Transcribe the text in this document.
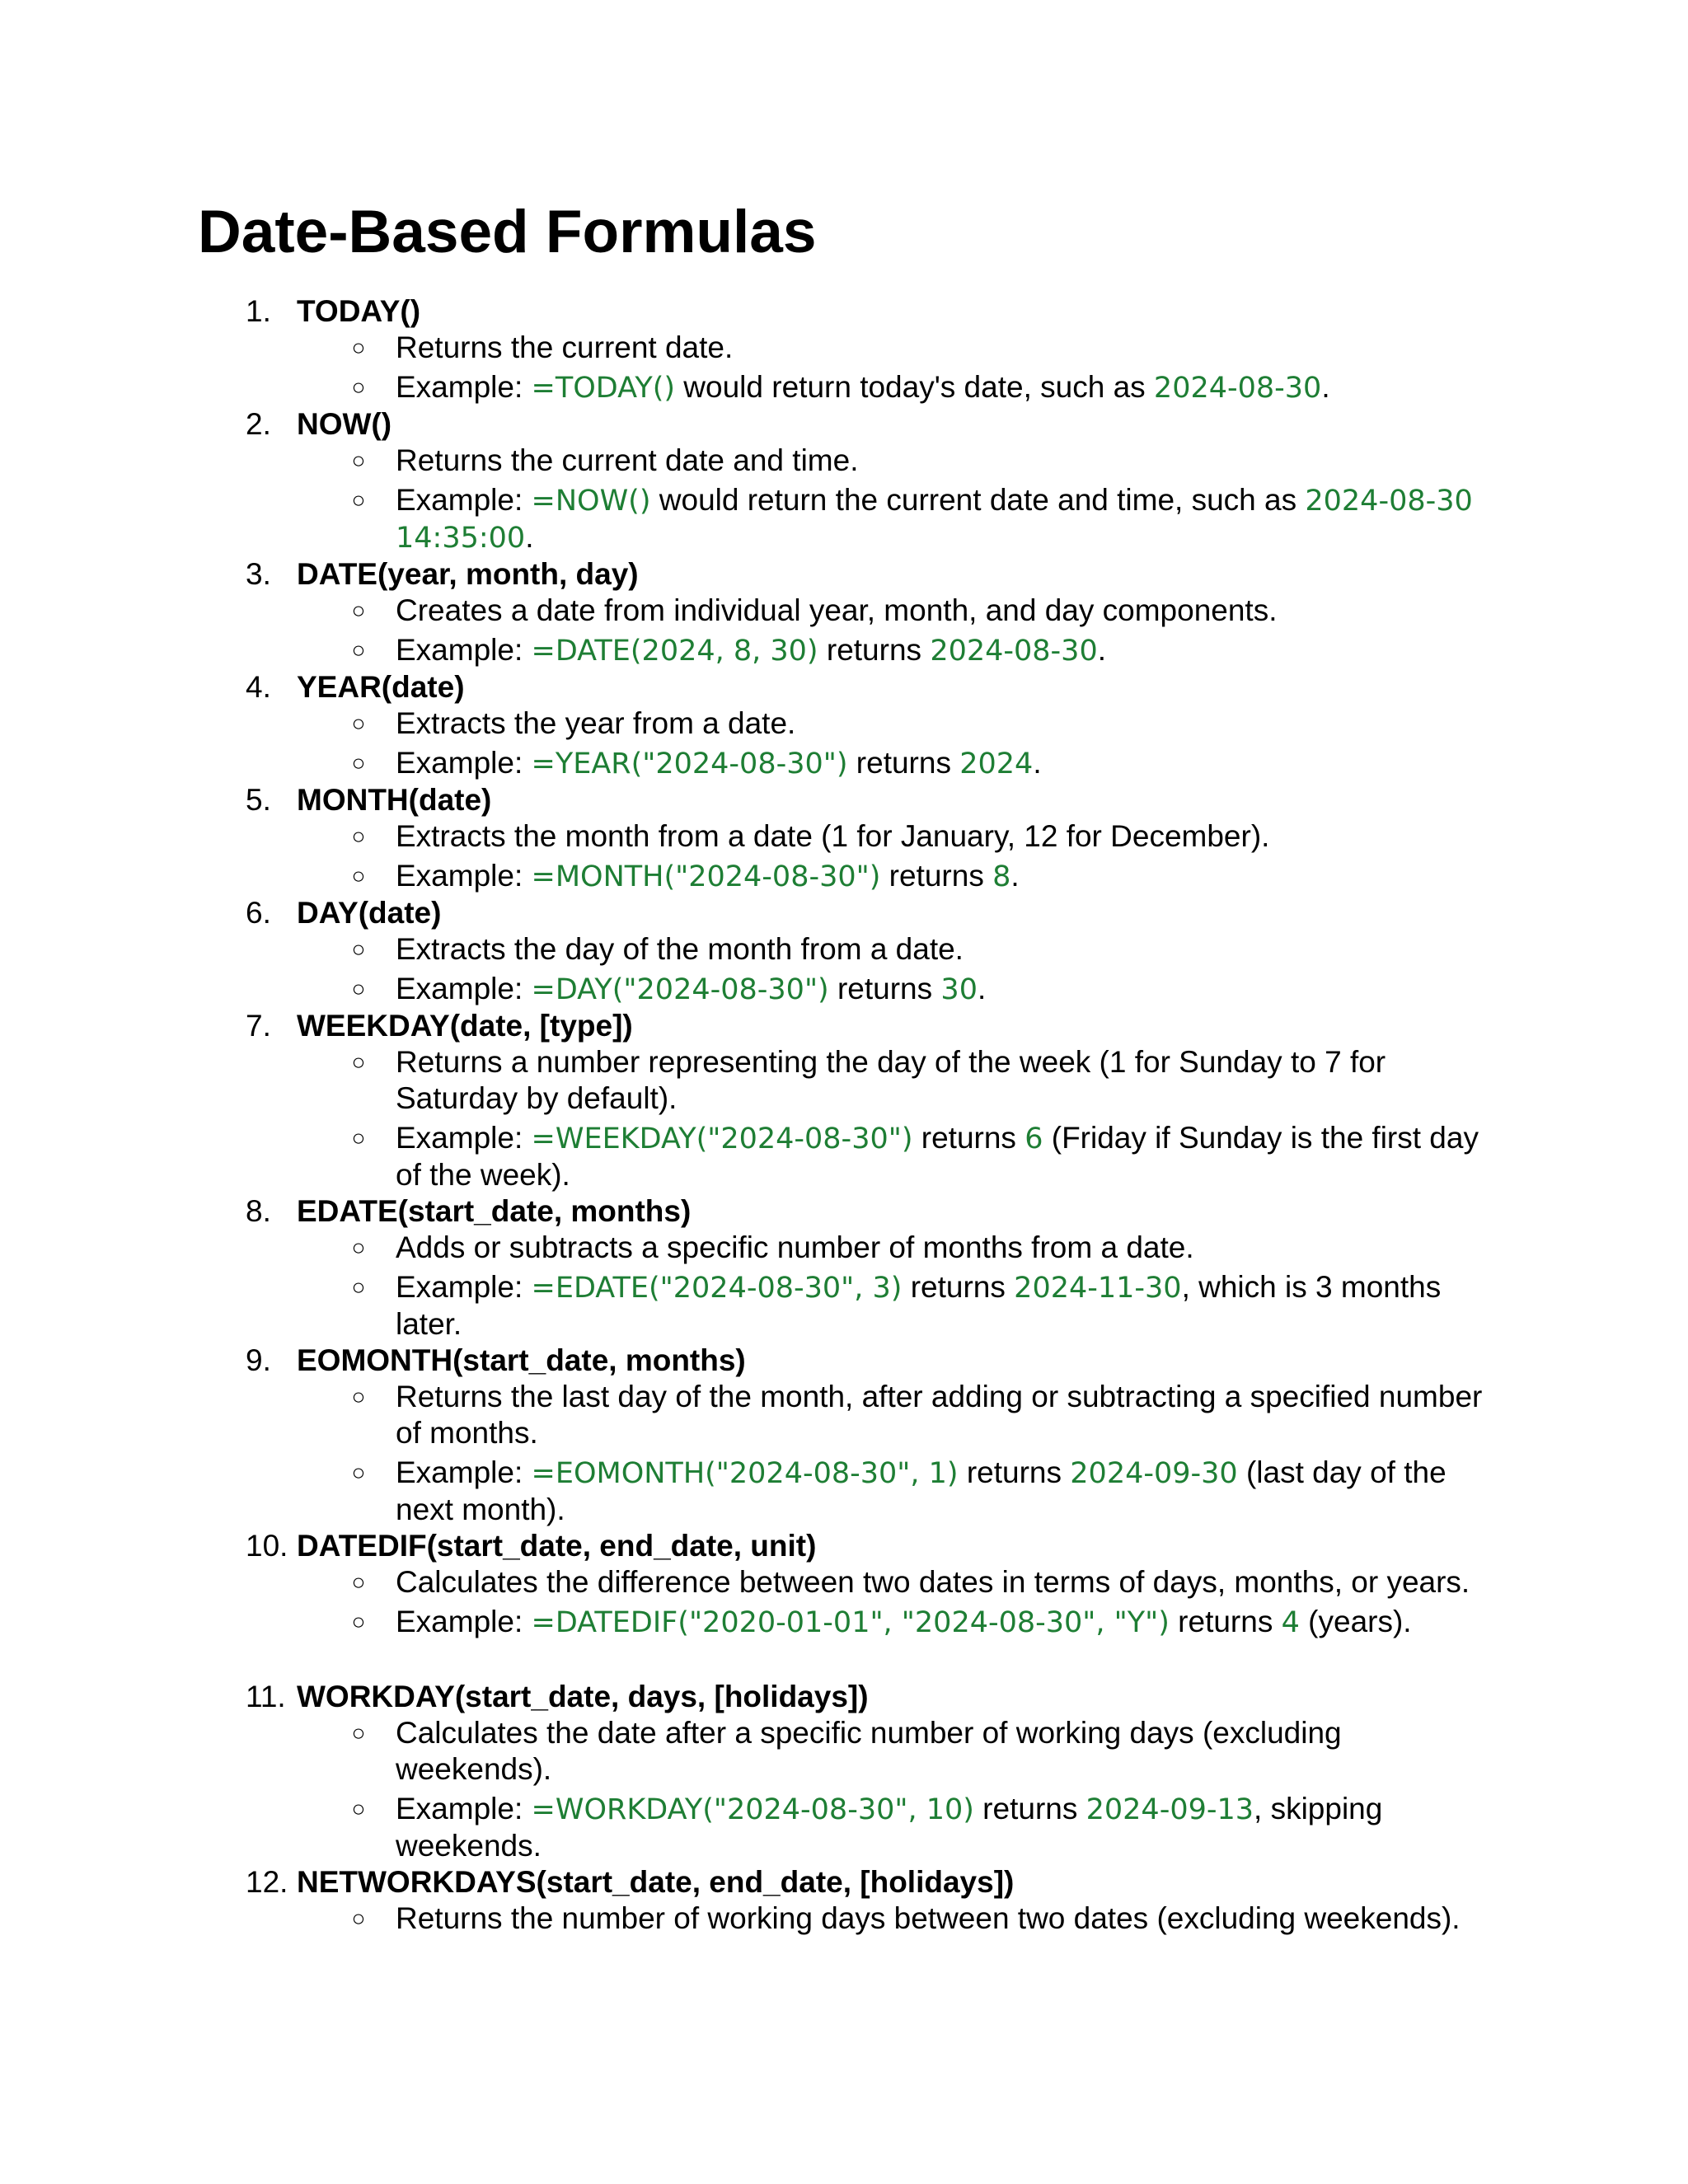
Date-Based Formulas
1. TODAY()
○ Returns the current date.
○ Example: =TODAY() would return today's date, such as 2024-08-30.
2. NOW()
○ Returns the current date and time.
○ Example: =NOW() would return the current date and time, such as 2024-08-30 14:35:00.
3. DATE(year, month, day)
○ Creates a date from individual year, month, and day components.
○ Example: =DATE(2024, 8, 30) returns 2024-08-30.
4. YEAR(date)
○ Extracts the year from a date.
○ Example: =YEAR("2024-08-30") returns 2024.
5. MONTH(date)
○ Extracts the month from a date (1 for January, 12 for December).
○ Example: =MONTH("2024-08-30") returns 8.
6. DAY(date)
○ Extracts the day of the month from a date.
○ Example: =DAY("2024-08-30") returns 30.
7. WEEKDAY(date, [type])
○ Returns a number representing the day of the week (1 for Sunday to 7 for Saturday by default).
○ Example: =WEEKDAY("2024-08-30") returns 6 (Friday if Sunday is the first day of the week).
8. EDATE(start_date, months)
○ Adds or subtracts a specific number of months from a date.
○ Example: =EDATE("2024-08-30", 3) returns 2024-11-30, which is 3 months later.
9. EOMONTH(start_date, months)
○ Returns the last day of the month, after adding or subtracting a specified number of months.
○ Example: =EOMONTH("2024-08-30", 1) returns 2024-09-30 (last day of the next month).
10. DATEDIF(start_date, end_date, unit)
○ Calculates the difference between two dates in terms of days, months, or years.
○ Example: =DATEDIF("2020-01-01", "2024-08-30", "Y") returns 4 (years).
11. WORKDAY(start_date, days, [holidays])
○ Calculates the date after a specific number of working days (excluding weekends).
○ Example: =WORKDAY("2024-08-30", 10) returns 2024-09-13, skipping weekends.
12. NETWORKDAYS(start_date, end_date, [holidays])
○ Returns the number of working days between two dates (excluding weekends).
